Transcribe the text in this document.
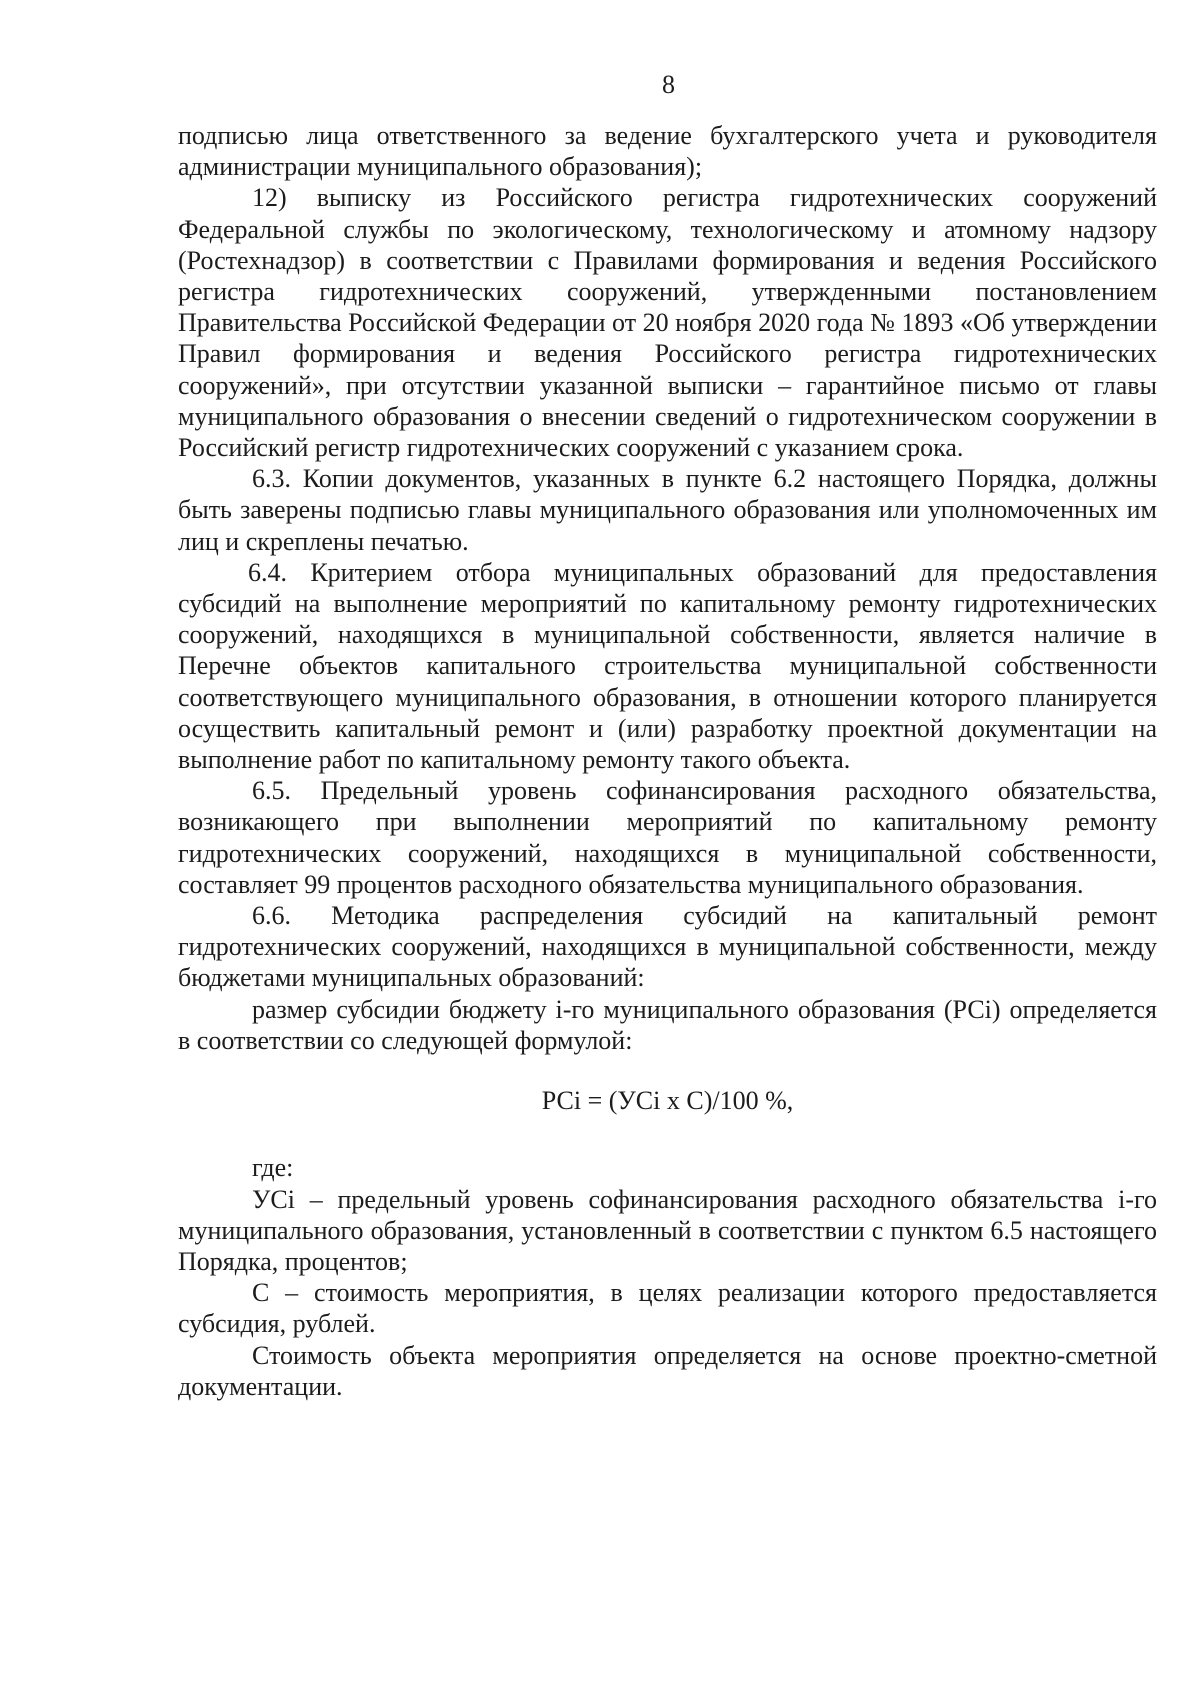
8

подписью лица ответственного за ведение бухгалтерского учета и руководителя администрации муниципального образования);

12) выписку из Российского регистра гидротехнических сооружений Федеральной службы по экологическому, технологическому и атомному надзору (Ростехнадзор) в соответствии с Правилами формирования и ведения Российского регистра гидротехнических сооружений, утвержденными постановлением Правительства Российской Федерации от 20 ноября 2020 года № 1893 «Об утверждении Правил формирования и ведения Российского регистра гидротехнических сооружений», при отсутствии указанной выписки – гарантийное письмо от главы муниципального образования о внесении сведений о гидротехническом сооружении в Российский регистр гидротехнических сооружений с указанием срока.

6.3. Копии документов, указанных в пункте 6.2 настоящего Порядка, должны быть заверены подписью главы муниципального образования или уполномоченных им лиц и скреплены печатью.

6.4. Критерием отбора муниципальных образований для предоставления субсидий на выполнение мероприятий по капитальному ремонту гидротехнических сооружений, находящихся в муниципальной собственности, является наличие в Перечне объектов капитального строительства муниципальной собственности соответствующего муниципального образования, в отношении которого планируется осуществить капитальный ремонт и (или) разработку проектной документации на выполнение работ по капитальному ремонту такого объекта.

6.5. Предельный уровень софинансирования расходного обязательства, возникающего при выполнении мероприятий по капитальному ремонту гидротехнических сооружений, находящихся в муниципальной собственности, составляет 99 процентов расходного обязательства муниципального образования.

6.6. Методика распределения субсидий на капитальный ремонт гидротехнических сооружений, находящихся в муниципальной собственности, между бюджетами муниципальных образований:

размер субсидии бюджету i-го муниципального образования (РСi) определяется в соответствии со следующей формулой:

РСi = (УСi x С)/100 %,

где:

УСi – предельный уровень софинансирования расходного обязательства i-го муниципального образования, установленный в соответствии с пунктом 6.5 настоящего Порядка, процентов;

С – стоимость мероприятия, в целях реализации которого предоставляется субсидия, рублей.

Стоимость объекта мероприятия определяется на основе проектно-сметной документации.
